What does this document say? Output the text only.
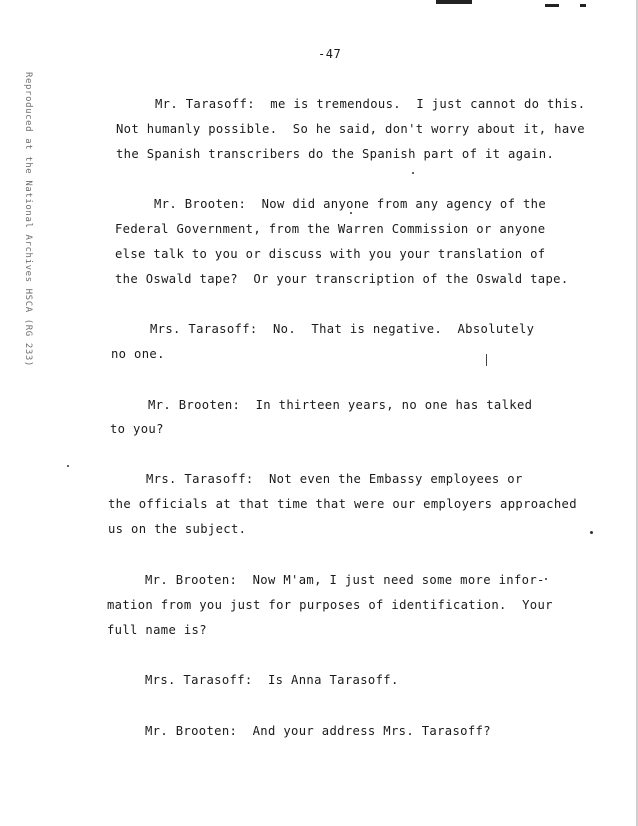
Reproduced at the National Archives HSCA (RG 233)
-47
Mr. Tarasoff:  me is tremendous.  I just cannot do this.
Not humanly possible.  So he said, don't worry about it, have
the Spanish transcribers do the Spanish part of it again.
Mr. Brooten:  Now did anyone from any agency of the
Federal Government, from the Warren Commission or anyone
else talk to you or discuss with you your translation of
the Oswald tape?  Or your transcription of the Oswald tape.
Mrs. Tarasoff:  No.  That is negative.  Absolutely
no one.
Mr. Brooten:  In thirteen years, no one has talked
to you?
Mrs. Tarasoff:  Not even the Embassy employees or
the officials at that time that were our employers approached
us on the subject.
Mr. Brooten:  Now M'am, I just need some more infor-
mation from you just for purposes of identification.  Your
full name is?
Mrs. Tarasoff:  Is Anna Tarasoff.
Mr. Brooten:  And your address Mrs. Tarasoff?
